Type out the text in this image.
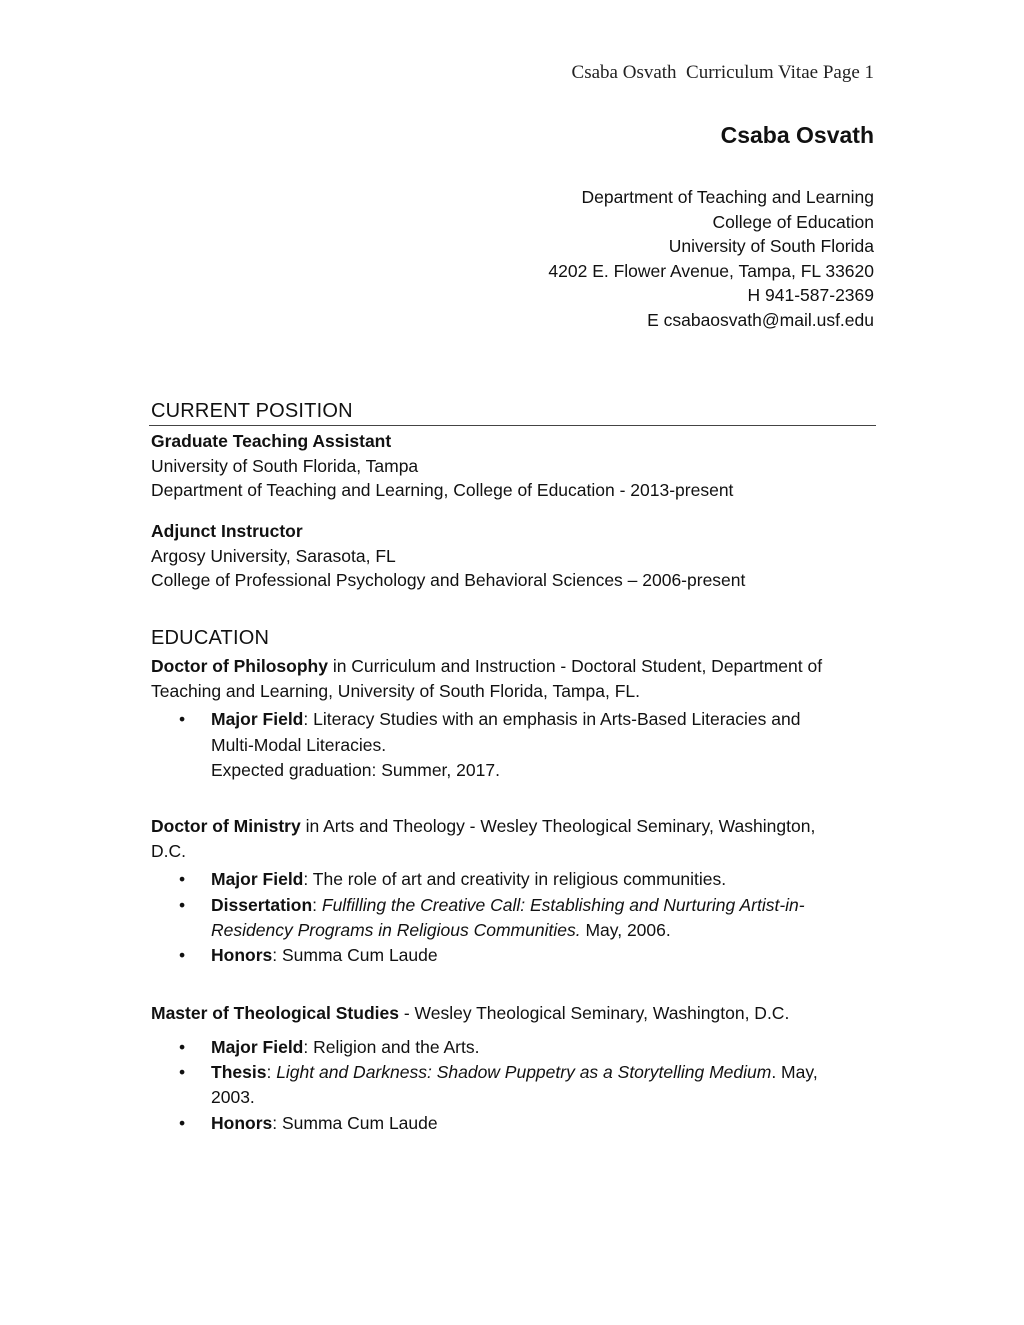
Csaba Osvath  Curriculum Vitae Page 1
Csaba Osvath
Department of Teaching and Learning
College of Education
University of South Florida
4202 E. Flower Avenue, Tampa, FL 33620
H 941-587-2369
E csabaosvath@mail.usf.edu
CURRENT POSITION
Graduate Teaching Assistant
University of South Florida, Tampa
Department of Teaching and Learning, College of Education - 2013-present
Adjunct Instructor
Argosy University, Sarasota, FL
College of Professional Psychology and Behavioral Sciences – 2006-present
EDUCATION

Doctor of Philosophy in Curriculum and Instruction - Doctoral Student, Department of

Teaching and Learning, University of South Florida, Tampa, FL.

• Major Field: Literacy Studies with an emphasis in Arts-Based Literacies and
Multi-Modal Literacies.
Expected graduation: Summer, 2017.

Doctor of Ministry in Arts and Theology - Wesley Theological Seminary, Washington,

D.C.

• Major Field: The role of art and creativity in religious communities.
• Dissertation: Fulfilling the Creative Call: Establishing and Nurturing Artist-in-
Residency Programs in Religious Communities. May, 2006.
• Honors: Summa Cum Laude

Master of Theological Studies - Wesley Theological Seminary, Washington, D.C.

• Major Field: Religion and the Arts.
• Thesis: Light and Darkness: Shadow Puppetry as a Storytelling Medium. May,
2003.
• Honors: Summa Cum Laude
